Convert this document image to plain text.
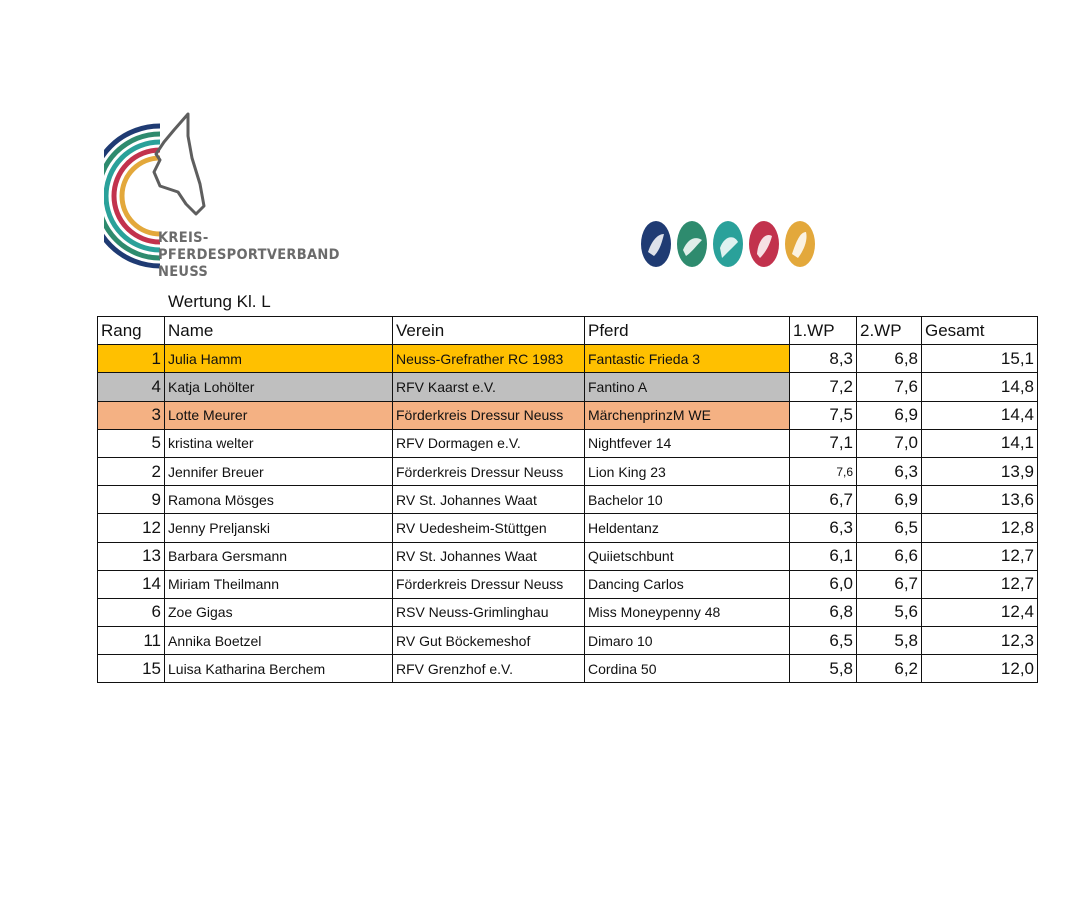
KREIS-PFERDESPORTVERBAND
NEUSS
Wertung Kl. L
Rang	Name	Verein	Pferd	1.WP	2.WP	Gesamt
1	Julia Hamm	Neuss-Grefrather RC 1983	Fantastic Frieda 3	8,3	6,8	15,1
4	Katja Lohölter	RFV Kaarst e.V.	Fantino A	7,2	7,6	14,8
3	Lotte Meurer	Förderkreis Dressur Neuss	MärchenprinzM WE	7,5	6,9	14,4
5	kristina welter	RFV Dormagen e.V.	Nightfever 14	7,1	7,0	14,1
2	Jennifer Breuer	Förderkreis Dressur Neuss	Lion King 23	7,6	6,3	13,9
9	Ramona Mösges	RV St. Johannes Waat	Bachelor 10	6,7	6,9	13,6
12	Jenny Preljanski	RV Uedesheim-Stüttgen	Heldentanz	6,3	6,5	12,8
13	Barbara Gersmann	RV St. Johannes Waat	Quiietschbunt	6,1	6,6	12,7
14	Miriam Theilmann	Förderkreis Dressur Neuss	Dancing Carlos	6,0	6,7	12,7
6	Zoe Gigas	RSV Neuss-Grimlinghau	Miss Moneypenny 48	6,8	5,6	12,4
11	Annika Boetzel	RV Gut Böckemeshof	Dimaro 10	6,5	5,8	12,3
15	Luisa Katharina Berchem	RFV Grenzhof e.V.	Cordina 50	5,8	6,2	12,0
